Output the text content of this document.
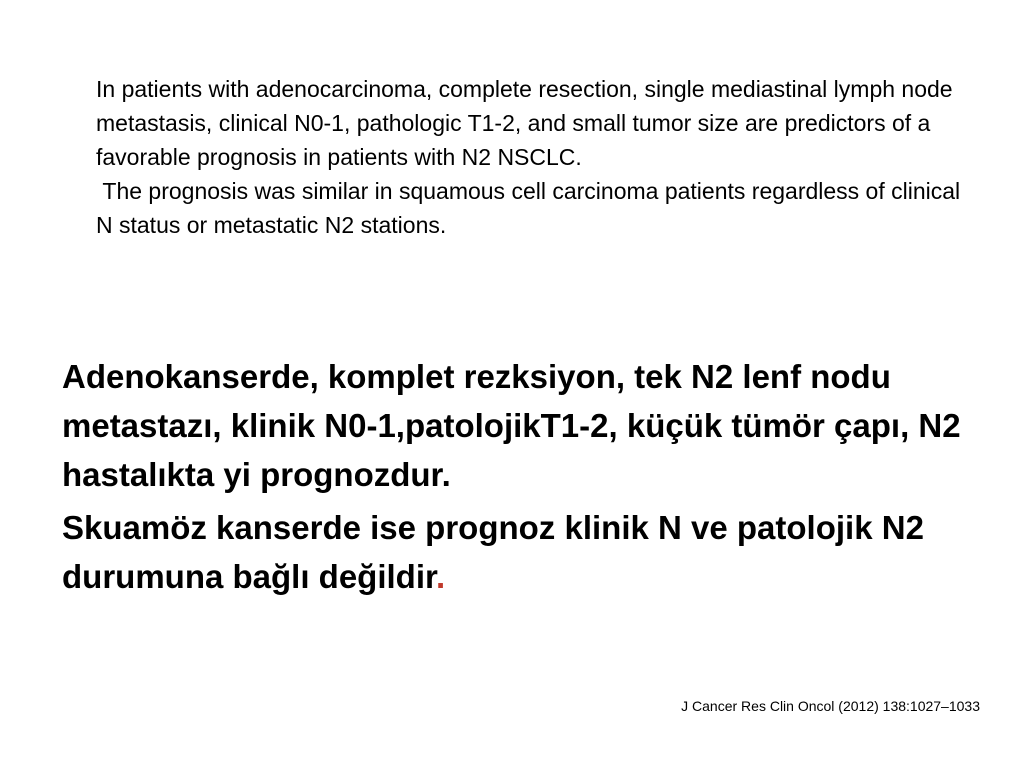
In patients with adenocarcinoma, complete resection, single mediastinal lymph node metastasis, clinical N0-1, pathologic T1-2, and small tumor size are predictors of a favorable prognosis in patients with N2 NSCLC.

The prognosis was similar in squamous cell carcinoma patients regardless of clinical N status or metastatic N2 stations.

Adenokanserde, komplet rezksiyon, tek N2 lenf nodu metastazı, klinik N0-1,patolojikT1-2, küçük tümör çapı, N2 hastalıkta yi prognozdur.

Skuamöz kanserde ise prognoz klinik N ve patolojik N2 durumuna bağlı değildir.

J Cancer Res Clin Oncol (2012) 138:1027–1033
